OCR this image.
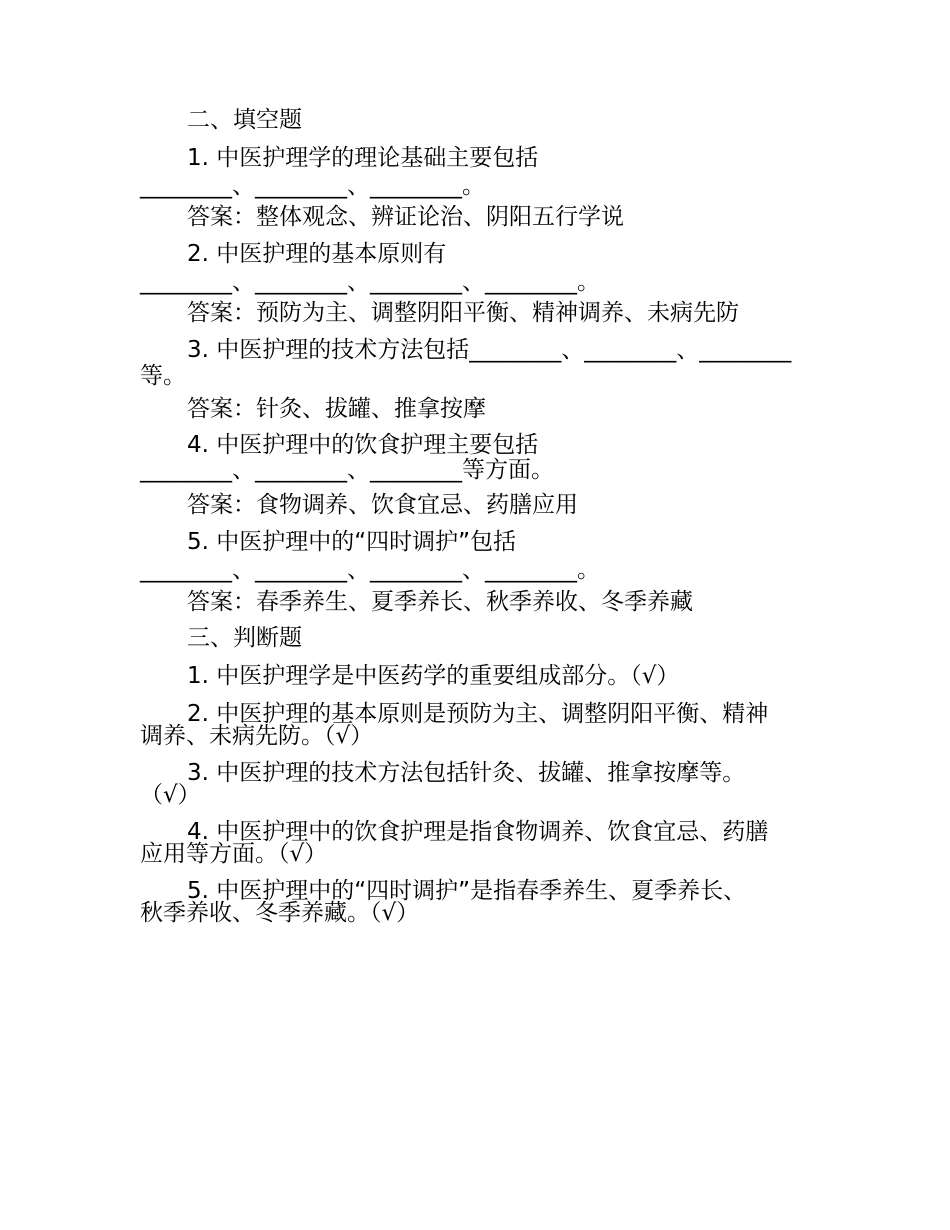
二、填空题

1. 中医护理学的理论基础主要包括

________、________、________。

答案：整体观念、辨证论治、阴阳五行学说

2. 中医护理的基本原则有

________、________、________、________。

答案：预防为主、调整阴阳平衡、精神调养、未病先防

3. 中医护理的技术方法包括________、________、________

等。

答案：针灸、拔罐、推拿按摩

4. 中医护理中的饮食护理主要包括

________、________、________等方面。

答案：食物调养、饮食宜忌、药膳应用

5. 中医护理中的“四时调护”包括

________、________、________、________。

答案：春季养生、夏季养长、秋季养收、冬季养藏

三、判断题

1. 中医护理学是中医药学的重要组成部分。（√）

2. 中医护理的基本原则是预防为主、调整阴阳平衡、精神

调养、未病先防。（√）

3. 中医护理的技术方法包括针灸、拔罐、推拿按摩等。

（√）

4. 中医护理中的饮食护理是指食物调养、饮食宜忌、药膳

应用等方面。（√）

5. 中医护理中的“四时调护”是指春季养生、夏季养长、

秋季养收、冬季养藏。（√）
